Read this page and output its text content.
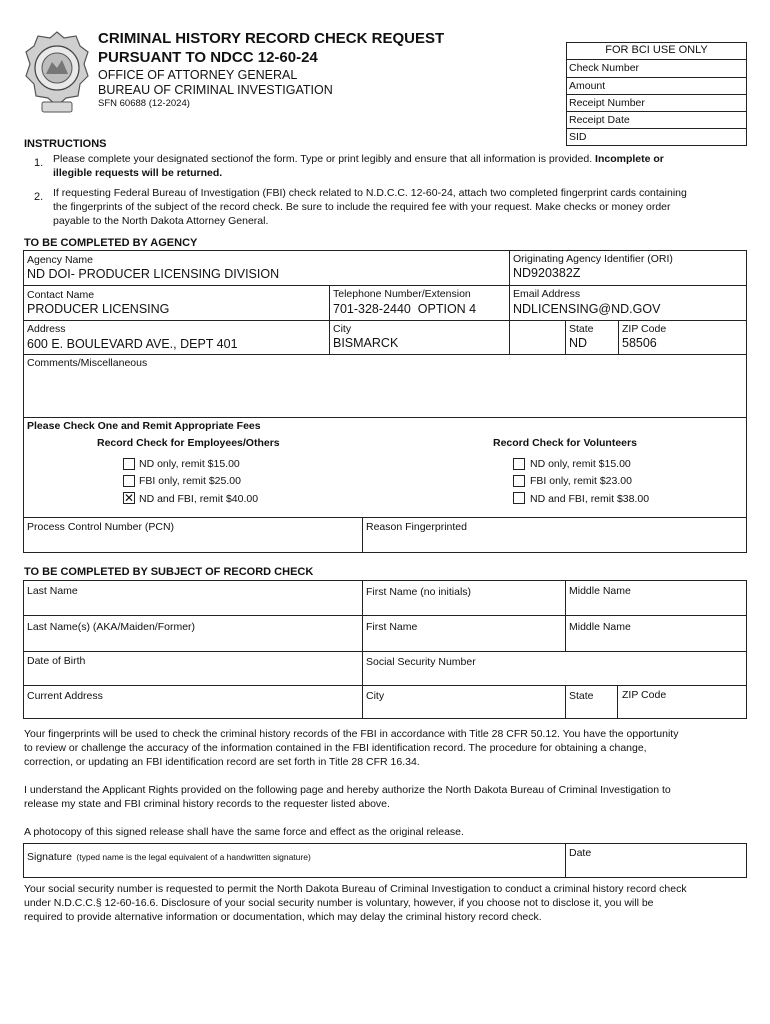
CRIMINAL HISTORY RECORD CHECK REQUEST
PURSUANT TO NDCC 12-60-24
OFFICE OF ATTORNEY GENERAL
BUREAU OF CRIMINAL INVESTIGATION
SFN 60688 (12-2024)
FOR BCI USE ONLY
Check Number
Amount
Receipt Number
Receipt Date
SID
INSTRUCTIONS
1. Please complete your designated sectionof the form. Type or print legibly and ensure that all information is provided. Incomplete or
illegible requests will be returned.
2. If requesting Federal Bureau of Investigation (FBI) check related to N.D.C.C. 12-60-24, attach two completed fingerprint cards containing
the fingerprints of the subject of the record check. Be sure to include the required fee with your request. Make checks or money order
payable to the North Dakota Attorney General.
TO BE COMPLETED BY AGENCY
Agency Name
ND DOI- PRODUCER LICENSING DIVISION
Originating Agency Identifier (ORI)
ND920382Z
Contact Name
PRODUCER LICENSING
Telephone Number/Extension
701-328-2440  OPTION 4
Email Address
NDLICENSING@ND.GOV
Address
600 E. BOULEVARD AVE., DEPT 401
City
BISMARCK
State
ND
ZIP Code
58506
Comments/Miscellaneous
Please Check One and Remit Appropriate Fees
Record Check for Employees/Others	Record Check for Volunteers
ND only, remit $15.00
FBI only, remit $25.00
✕ ND and FBI, remit $40.00
ND only, remit $15.00
FBI only, remit $23.00
ND and FBI, remit $38.00
Process Control Number (PCN)	Reason Fingerprinted
TO BE COMPLETED BY SUBJECT OF RECORD CHECK
Last Name	First Name (no initials)	Middle Name
Last Name(s) (AKA/Maiden/Former)	First Name	Middle Name
Date of Birth	Social Security Number
Current Address	City	State	ZIP Code
Your fingerprints will be used to check the criminal history records of the FBI in accordance with Title 28 CFR 50.12. You have the opportunity
to review or challenge the accuracy of the information contained in the FBI identification record. The procedure for obtaining a change,
correction, or updating an FBI identification record are set forth in Title 28 CFR 16.34.
I understand the Applicant Rights provided on the following page and hereby authorize the North Dakota Bureau of Criminal Investigation to
release my state and FBI criminal history records to the requester listed above.
A photocopy of this signed release shall have the same force and effect as the original release.
Signature (typed name is the legal equivalent of a handwritten signature)	Date
Your social security number is requested to permit the North Dakota Bureau of Criminal Investigation to conduct a criminal history record check
under N.D.C.C.§ 12-60-16.6. Disclosure of your social security number is voluntary, however, if you choose not to disclose it, you will be
required to provide alternative information or documentation, which may delay the criminal history record check.
